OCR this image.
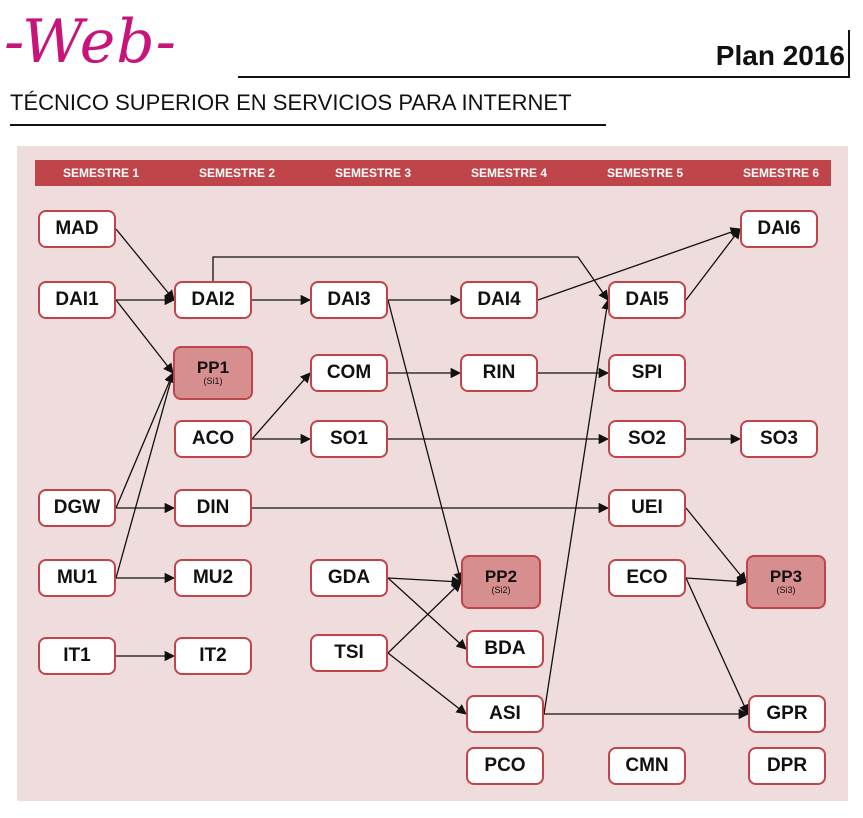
-Web-	Plan 2016
TÉCNICO SUPERIOR EN SERVICIOS PARA INTERNET
SEMESTRE 1	SEMESTRE 2	SEMESTRE 3	SEMESTRE 4	SEMESTRE 5	SEMESTRE 6
MAD
DAI1
DGW
MU1
IT1
DAI2
PP1
(Si1)
ACO
DIN
MU2
IT2
DAI3
COM
SO1
GDA
TSI
DAI4
RIN
PP2
(Si2)
BDA
ASI
PCO
DAI5
SPI
SO2
UEI
ECO
CMN
DAI6
SO3
PP3
(Si3)
GPR
DPR
